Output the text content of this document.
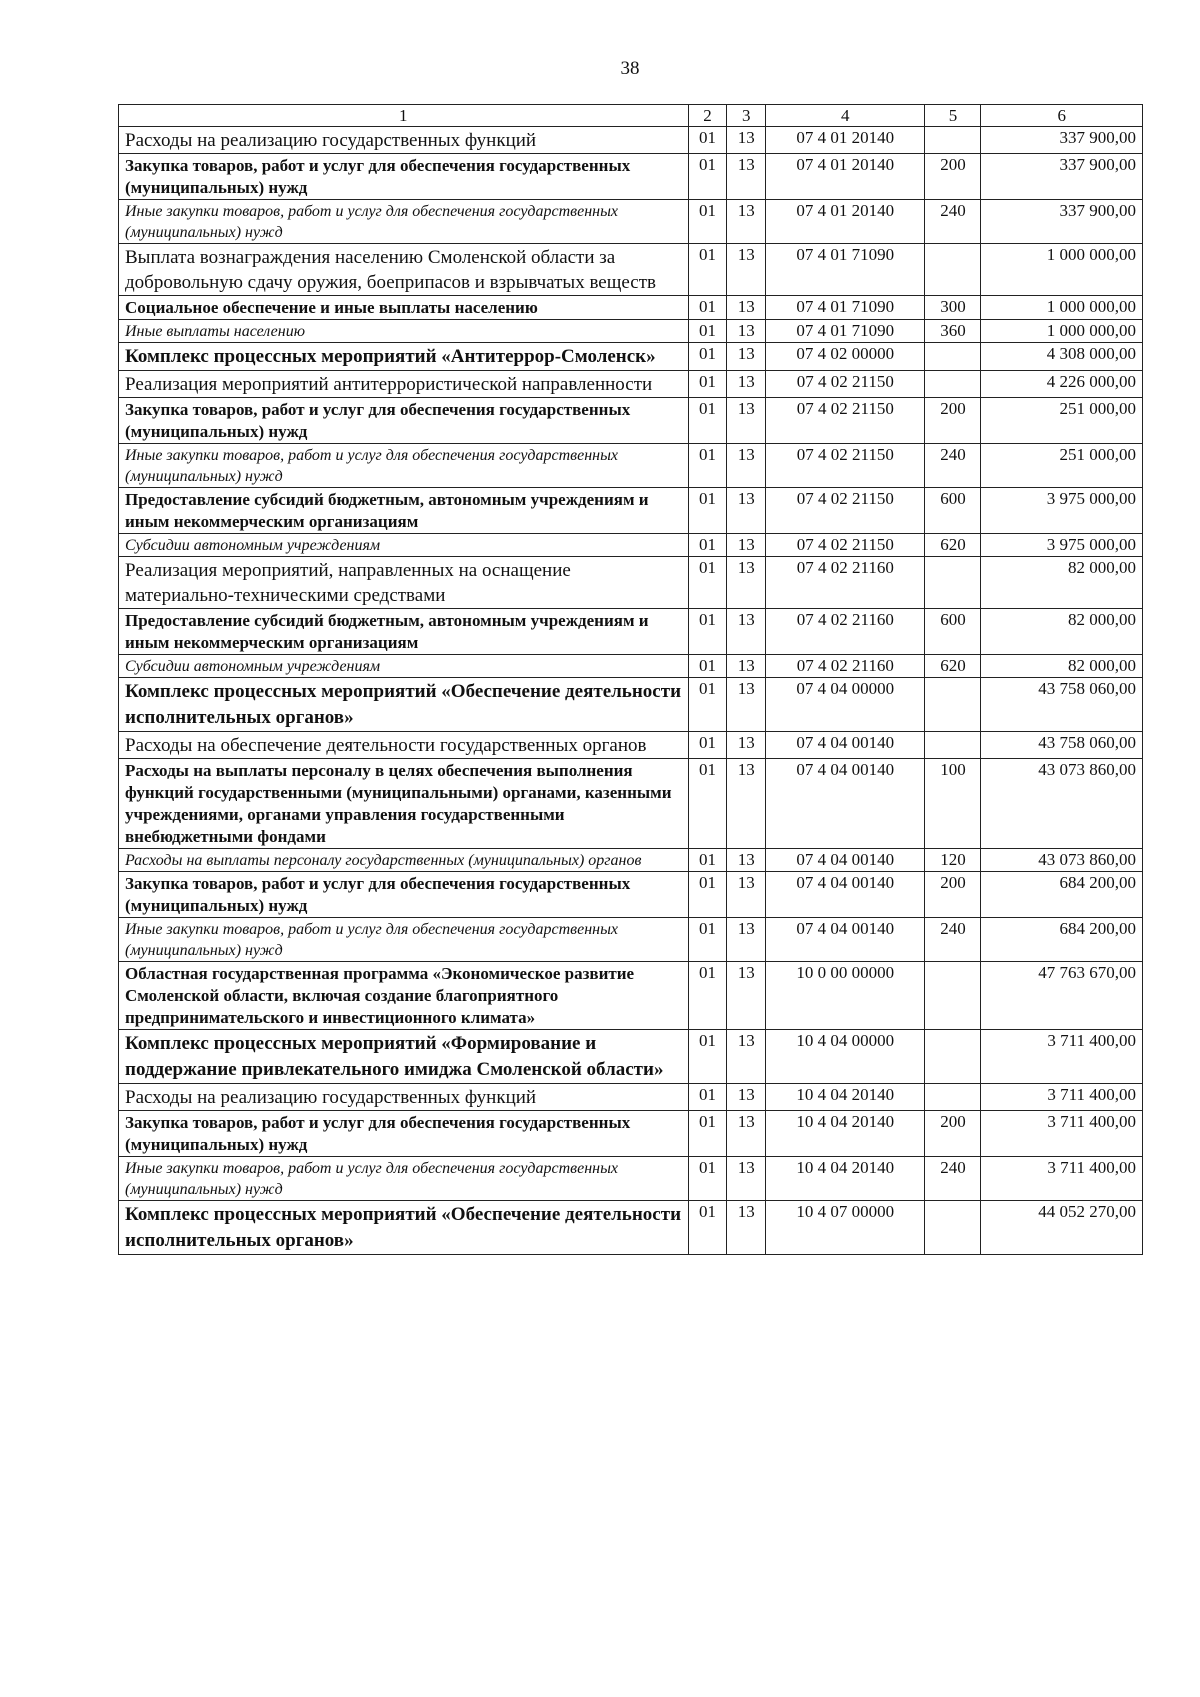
38
1	2	3	4	5	6
Расходы на реализацию государственных функций	01	13	07 4 01 20140		337 900,00
Закупка товаров, работ и услуг для обеспечения государственных (муниципальных) нужд	01	13	07 4 01 20140	200	337 900,00
Иные закупки товаров, работ и услуг для обеспечения государственных (муниципальных) нужд	01	13	07 4 01 20140	240	337 900,00
Выплата вознаграждения населению Смоленской области за добровольную сдачу оружия, боеприпасов и взрывчатых веществ	01	13	07 4 01 71090		1 000 000,00
Социальное обеспечение и иные выплаты населению	01	13	07 4 01 71090	300	1 000 000,00
Иные выплаты населению	01	13	07 4 01 71090	360	1 000 000,00
Комплекс процессных мероприятий «Антитеррор-Смоленск»	01	13	07 4 02 00000		4 308 000,00
Реализация мероприятий антитеррористической направленности	01	13	07 4 02 21150		4 226 000,00
Закупка товаров, работ и услуг для обеспечения государственных (муниципальных) нужд	01	13	07 4 02 21150	200	251 000,00
Иные закупки товаров, работ и услуг для обеспечения государственных (муниципальных) нужд	01	13	07 4 02 21150	240	251 000,00
Предоставление субсидий бюджетным, автономным учреждениям и иным некоммерческим организациям	01	13	07 4 02 21150	600	3 975 000,00
Субсидии автономным учреждениям	01	13	07 4 02 21150	620	3 975 000,00
Реализация мероприятий, направленных на оснащение материально-техническими средствами	01	13	07 4 02 21160		82 000,00
Предоставление субсидий бюджетным, автономным учреждениям и иным некоммерческим организациям	01	13	07 4 02 21160	600	82 000,00
Субсидии автономным учреждениям	01	13	07 4 02 21160	620	82 000,00
Комплекс процессных мероприятий «Обеспечение деятельности исполнительных органов»	01	13	07 4 04 00000		43 758 060,00
Расходы на обеспечение деятельности государственных органов	01	13	07 4 04 00140		43 758 060,00
Расходы на выплаты персоналу в целях обеспечения выполнения функций государственными (муниципальными) органами, казенными учреждениями, органами управления государственными внебюджетными фондами	01	13	07 4 04 00140	100	43 073 860,00
Расходы на выплаты персоналу государственных (муниципальных) органов	01	13	07 4 04 00140	120	43 073 860,00
Закупка товаров, работ и услуг для обеспечения государственных (муниципальных) нужд	01	13	07 4 04 00140	200	684 200,00
Иные закупки товаров, работ и услуг для обеспечения государственных (муниципальных) нужд	01	13	07 4 04 00140	240	684 200,00
Областная государственная программа «Экономическое развитие Смоленской области, включая создание благоприятного предпринимательского и инвестиционного климата»	01	13	10 0 00 00000		47 763 670,00
Комплекс процессных мероприятий «Формирование и поддержание привлекательного имиджа Смоленской области»	01	13	10 4 04 00000		3 711 400,00
Расходы на реализацию государственных функций	01	13	10 4 04 20140		3 711 400,00
Закупка товаров, работ и услуг для обеспечения государственных (муниципальных) нужд	01	13	10 4 04 20140	200	3 711 400,00
Иные закупки товаров, работ и услуг для обеспечения государственных (муниципальных) нужд	01	13	10 4 04 20140	240	3 711 400,00
Комплекс процессных мероприятий «Обеспечение деятельности исполнительных органов»	01	13	10 4 07 00000		44 052 270,00
